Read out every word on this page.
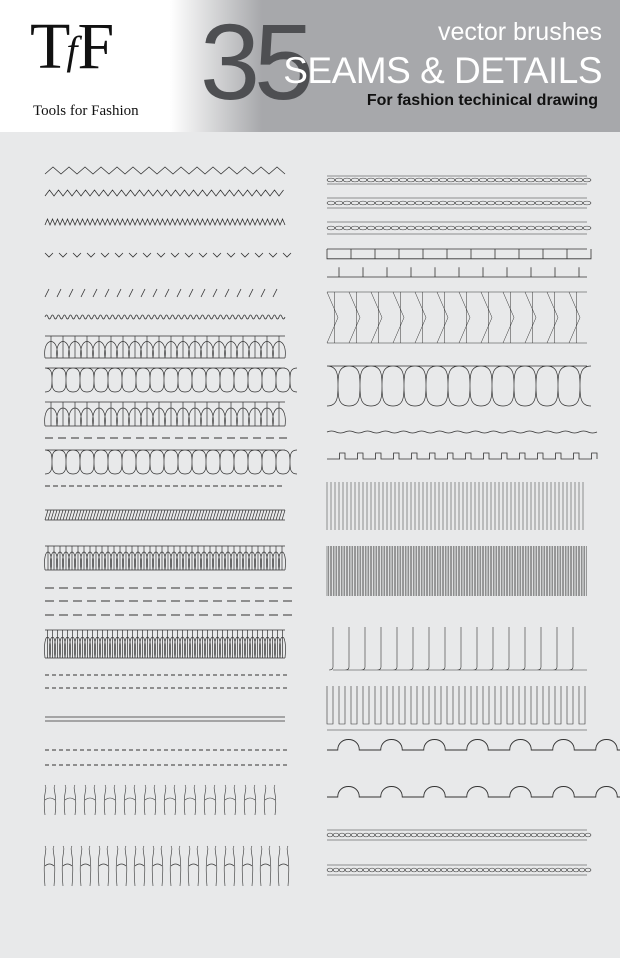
TfF
Tools for Fashion 35	vector brushes
SEAMS & DETAILS
For fashion techinical drawing
